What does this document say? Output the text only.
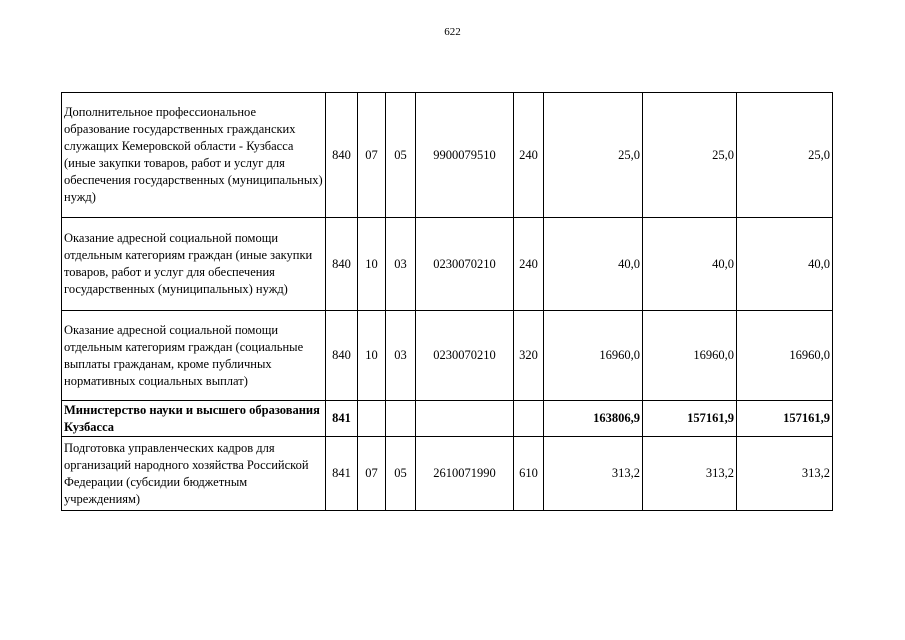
622
Дополнительное профессиональное образование государственных гражданских служащих Кемеровской области - Кузбасса (иные закупки товаров, работ и услуг для обеспечения государственных (муниципальных) нужд)	840	07	05	9900079510	240	25,0	25,0	25,0
Оказание адресной социальной помощи отдельным категориям граждан (иные закупки товаров, работ и услуг для обеспечения государственных (муниципальных) нужд)	840	10	03	0230070210	240	40,0	40,0	40,0
Оказание адресной социальной помощи отдельным категориям граждан (социальные выплаты гражданам, кроме публичных нормативных социальных выплат)	840	10	03	0230070210	320	16960,0	16960,0	16960,0
Министерство науки и высшего образования Кузбасса	841					163806,9	157161,9	157161,9
Подготовка управленческих кадров для организаций народного хозяйства Российской Федерации (субсидии бюджетным учреждениям)	841	07	05	2610071990	610	313,2	313,2	313,2
